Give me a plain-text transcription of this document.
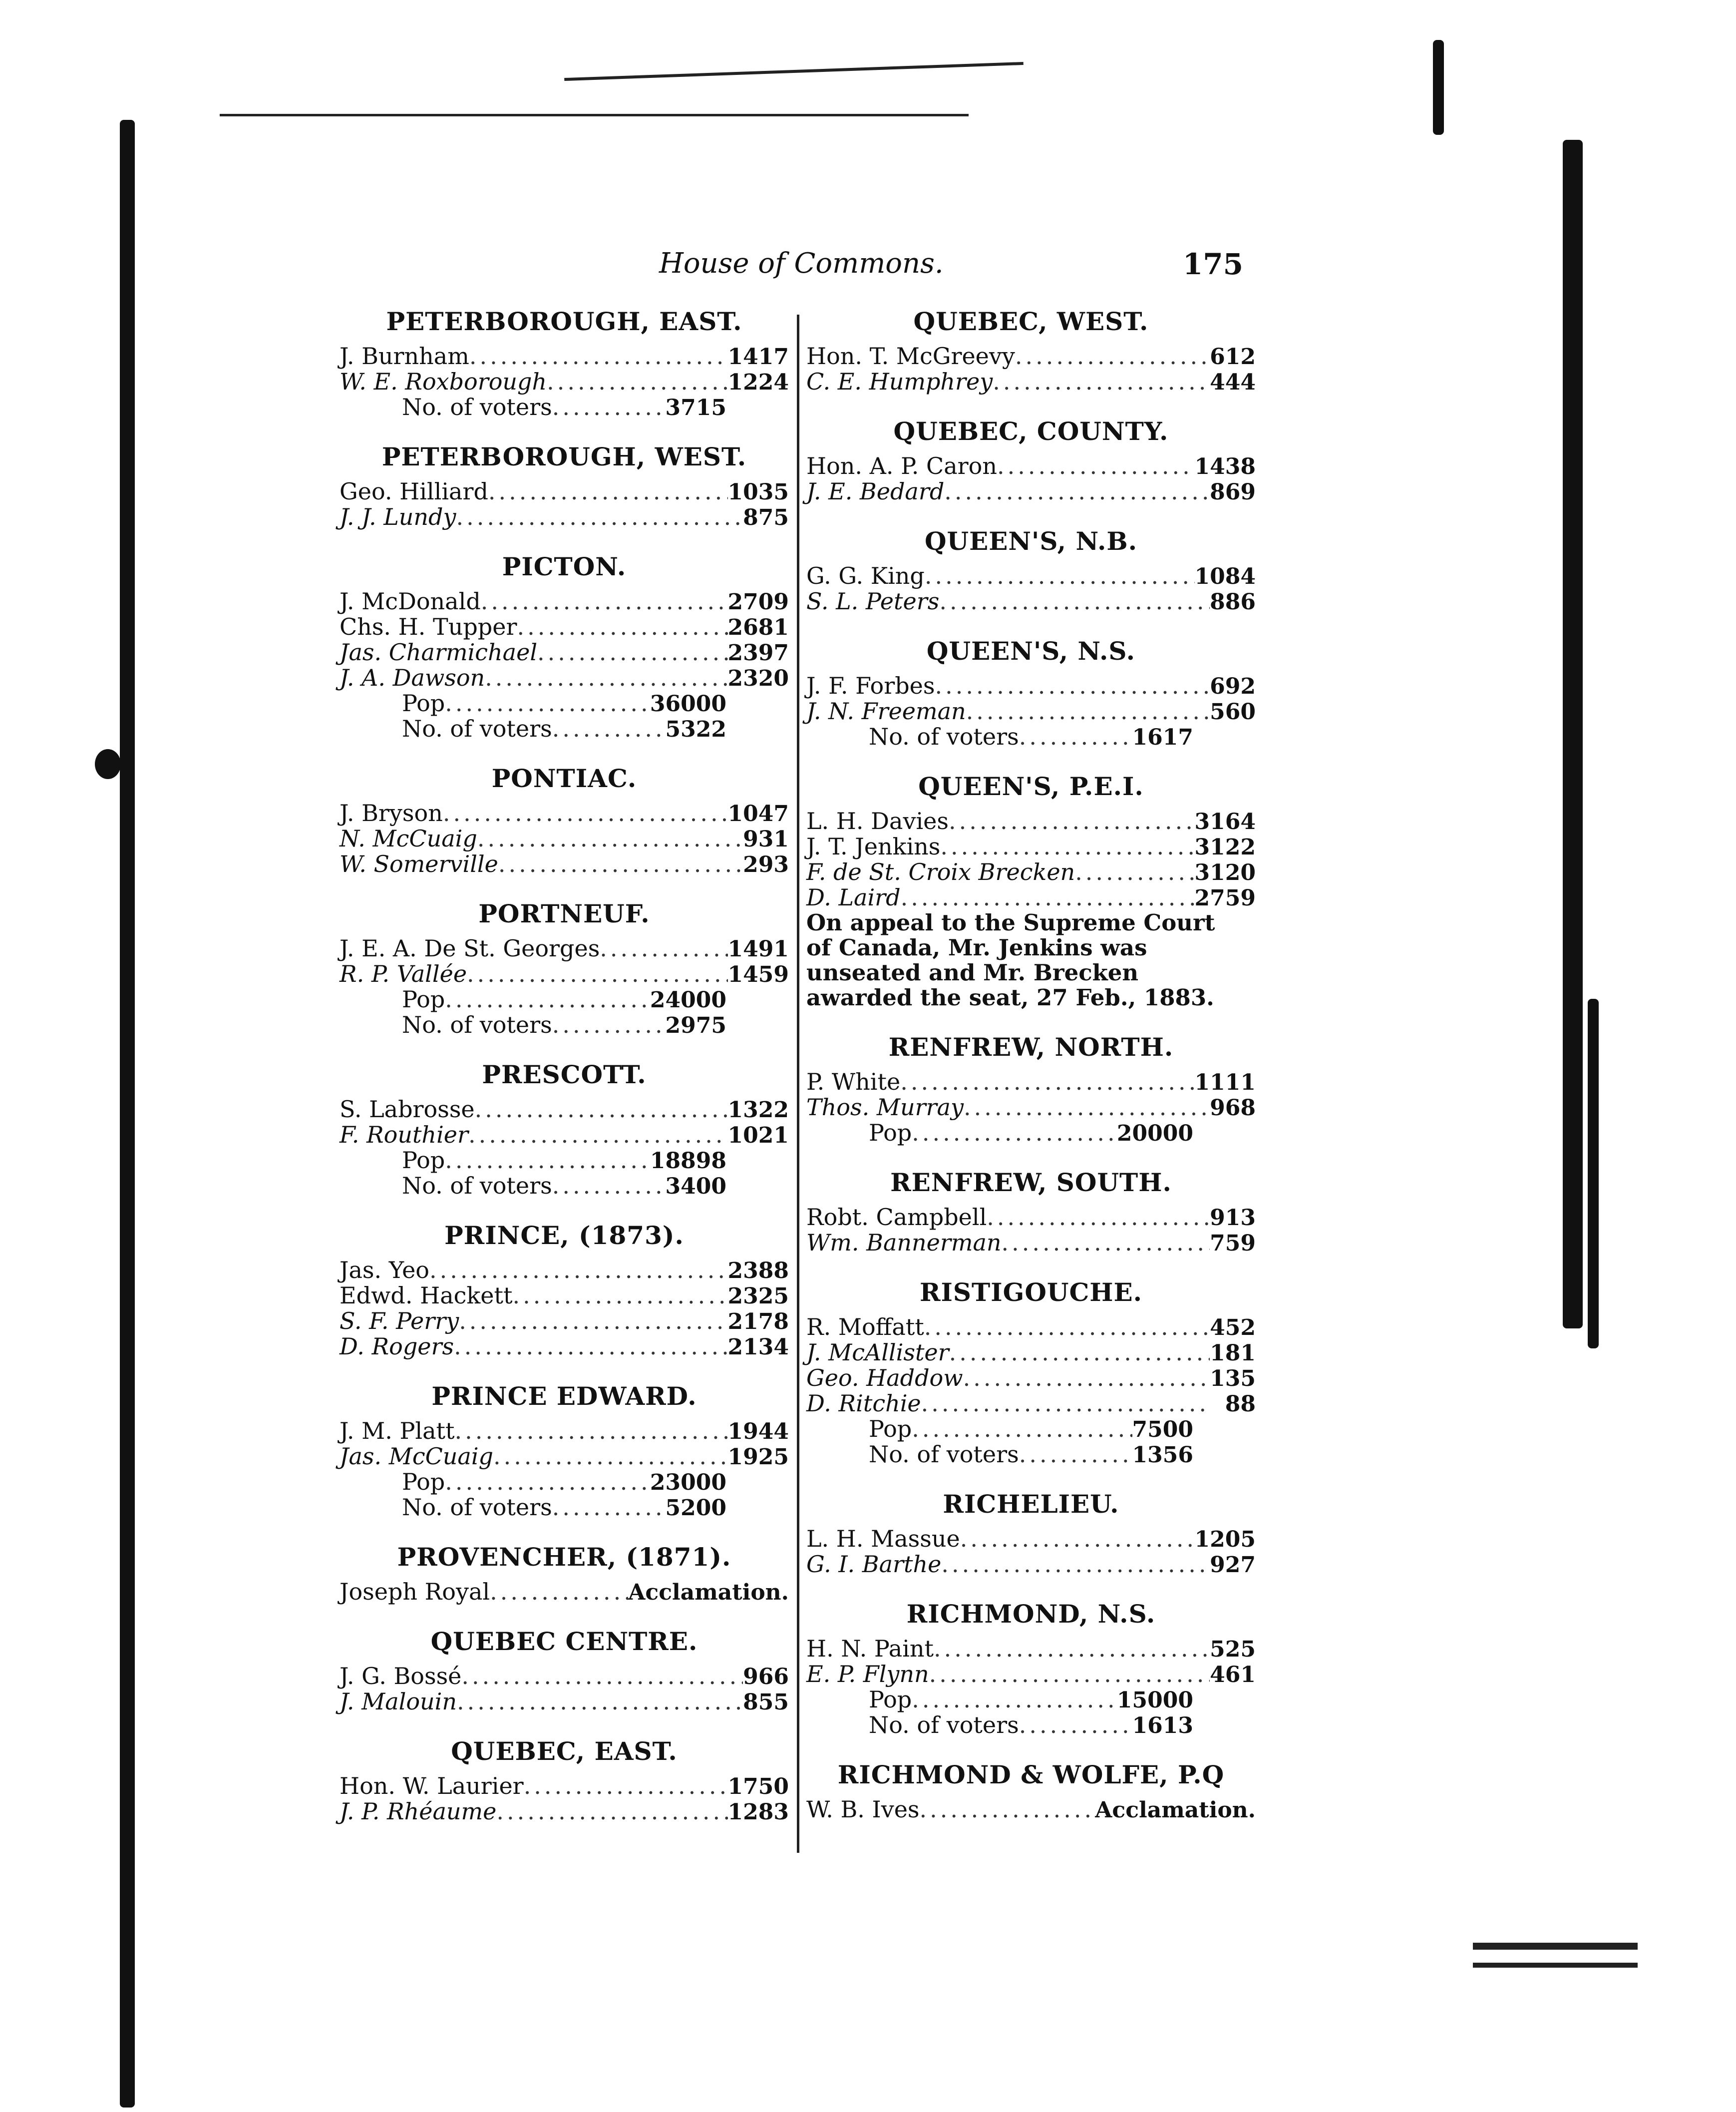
House of Commons.	175
PETERBOROUGH, EAST.
J. Burnham .....	1417
W. E. Roxborough .....	1224
No. of voters .....	3715
PETERBOROUGH, WEST.
Geo. Hilliard .....	1035
J. J. Lundy .....	875
PICTON.
J. McDonald .....	2709
Chs. H. Tupper .....	2681
Jas. Charmichael .....	2397
J. A. Dawson .....	2320
Pop .....	36000
No. of voters .....	5322
PONTIAC.
J. Bryson .....	1047
N. McCuaig .....	931
W. Somerville .....	293
PORTNEUF.
J. E. A. De St. Georges .....	1491
R. P. Vallée .....	1459
Pop .....	24000
No. of voters .....	2975
PRESCOTT.
S. Labrosse .....	1322
F. Routhier .....	1021
Pop .....	18898
No. of voters .....	3400
PRINCE, (1873).
Jas. Yeo .....	2388
Edwd. Hackett .....	2325
S. F. Perry .....	2178
D. Rogers .....	2134
PRINCE EDWARD.
J. M. Platt .....	1944
Jas. McCuaig .....	1925
Pop .....	23000
No. of voters .....	5200
PROVENCHER, (1871).
Joseph Royal .....	Acclamation.
QUEBEC CENTRE.
J. G. Bossé .....	966
J. Malouin .....	855
QUEBEC, EAST.
Hon. W. Laurier .....	1750
J. P. Rhéaume .....	1283
QUEBEC, WEST.
Hon. T. McGreevy .....	612
C. E. Humphrey .....	444
QUEBEC, COUNTY.
Hon. A. P. Caron .....	1438
J. E. Bedard .....	869
QUEEN'S, N.B.
G. G. King .....	1084
S. L. Peters .....	886
QUEEN'S, N.S.
J. F. Forbes .....	692
J. N. Freeman .....	560
No. of voters .....	1617
QUEEN'S, P.E.I.
L. H. Davies .....	3164
J. T. Jenkins .....	3122
F. de St. Croix Brecken .....	3120
D. Laird .....	2759
On appeal to the Supreme Court of Canada, Mr. Jenkins was unseated and Mr. Brecken awarded the seat, 27 Feb., 1883.
RENFREW, NORTH.
P. White .....	1111
Thos. Murray .....	968
Pop .....	20000
RENFREW, SOUTH.
Robt. Campbell .....	913
Wm. Bannerman .....	759
RISTIGOUCHE.
R. Moffatt .....	452
J. McAllister .....	181
Geo. Haddow .....	135
D. Ritchie .....	88
Pop .....	7500
No. of voters .....	1356
RICHELIEU.
L. H. Massue .....	1205
G. I. Barthe .....	927
RICHMOND, N.S.
H. N. Paint .....	525
E. P. Flynn .....	461
Pop .....	15000
No. of voters .....	1613
RICHMOND & WOLFE, P.Q
W. B. Ives .....	Acclamation.
